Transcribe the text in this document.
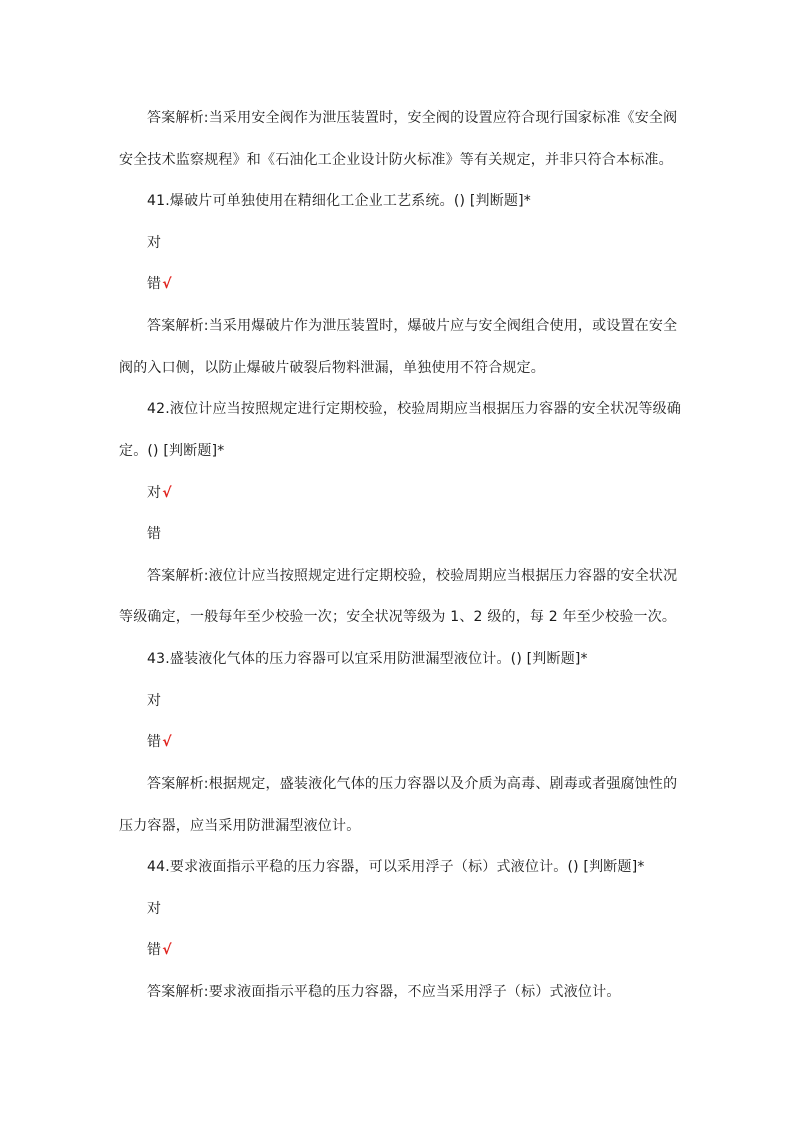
答案解析:当采用安全阀作为泄压装置时，安全阀的设置应符合现行国家标准《安全阀
安全技术监察规程》和《石油化工企业设计防火标准》等有关规定，并非只符合本标准。
41.爆破片可单独使用在精细化工企业工艺系统。() [判断题]*
对
错√
答案解析:当采用爆破片作为泄压装置时，爆破片应与安全阀组合使用，或设置在安全
阀的入口侧，以防止爆破片破裂后物料泄漏，单独使用不符合规定。
42.液位计应当按照规定进行定期校验，校验周期应当根据压力容器的安全状况等级确
定。() [判断题]*
对√
错
答案解析:液位计应当按照规定进行定期校验，校验周期应当根据压力容器的安全状况
等级确定，一般每年至少校验一次；安全状况等级为 1、2 级的，每 2 年至少校验一次。
43.盛装液化气体的压力容器可以宜采用防泄漏型液位计。() [判断题]*
对
错√
答案解析:根据规定，盛装液化气体的压力容器以及介质为高毒、剧毒或者强腐蚀性的
压力容器，应当采用防泄漏型液位计。
44.要求液面指示平稳的压力容器，可以采用浮子（标）式液位计。() [判断题]*
对
错√
答案解析:要求液面指示平稳的压力容器，不应当采用浮子（标）式液位计。
